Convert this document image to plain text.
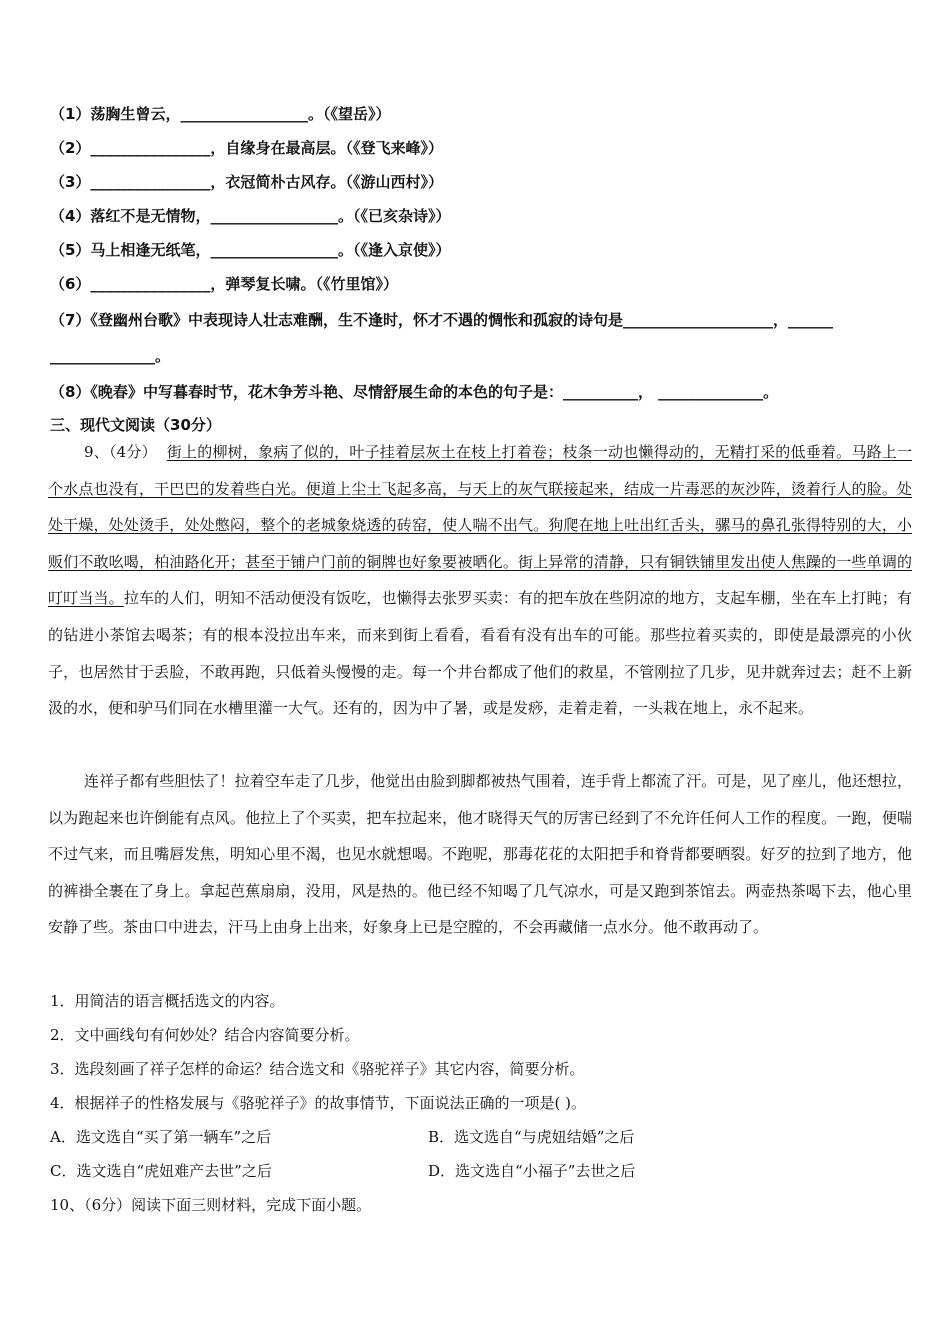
（1）荡胸生曾云，_________________。（《望岳》）
（2）________________，自缘身在最高层。（《登飞来峰》）
（3）________________，衣冠简朴古风存。（《游山西村》）
（4）落红不是无情物，_________________。（《已亥杂诗》）
（5）马上相逢无纸笔，_________________。（《逢入京使》）
（6）________________，弹琴复长啸。（《竹里馆》）
（7）《登幽州台歌》中表现诗人壮志难酬，生不逢时，怀才不遇的惆怅和孤寂的诗句是____________________，______
______________。
（8）《晚春》中写暮春时节，花木争芳斗艳、尽情舒展生命的本色的句子是：__________， ______________。
三、现代文阅读（30分）
9、（4分） 街上的柳树，象病了似的，叶子挂着层灰土在枝上打着卷；枝条一动也懒得动的，无精打采的低垂着。马路上一个水点也没有，干巴巴的发着些白光。便道上尘土飞起多高，与天上的灰气联接起来，结成一片毒恶的灰沙阵，烫着行人的脸。处处干燥，处处烫手，处处憋闷，整个的老城象烧透的砖窑，使人喘不出气。狗爬在地上吐出红舌头，骡马的鼻孔张得特别的大，小贩们不敢吆喝，柏油路化开；甚至于铺户门前的铜牌也好象要被晒化。街上异常的清静，只有铜铁铺里发出使人焦躁的一些单调的叮叮当当。拉车的人们，明知不活动便没有饭吃，也懒得去张罗买卖：有的把车放在些阴凉的地方，支起车棚，坐在车上打盹；有的钻进小茶馆去喝茶；有的根本没拉出车来，而来到街上看看，看看有没有出车的可能。那些拉着买卖的，即使是最漂亮的小伙子，也居然甘于丢脸，不敢再跑，只低着头慢慢的走。每一个井台都成了他们的救星，不管刚拉了几步，见井就奔过去；赶不上新汲的水，便和驴马们同在水槽里灌一大气。还有的，因为中了暑，或是发痧，走着走着，一头栽在地上，永不起来。
连祥子都有些胆怯了！拉着空车走了几步，他觉出由脸到脚都被热气围着，连手背上都流了汗。可是，见了座儿，他还想拉，以为跑起来也许倒能有点风。他拉上了个买卖，把车拉起来，他才晓得天气的厉害已经到了不允许任何人工作的程度。一跑，便喘不过气来，而且嘴唇发焦，明知心里不渴，也见水就想喝。不跑呢，那毒花花的太阳把手和脊背都要晒裂。好歹的拉到了地方，他的裤褂全裹在了身上。拿起芭蕉扇扇，没用，风是热的。他已经不知喝了几气凉水，可是又跑到茶馆去。两壶热茶喝下去，他心里安静了些。茶由口中进去，汗马上由身上出来，好象身上已是空膛的，不会再藏储一点水分。他不敢再动了。
1．用简洁的语言概括选文的内容。
2．文中画线句有何妙处？结合内容简要分析。
3．选段刻画了祥子怎样的命运？结合选文和《骆驼祥子》其它内容，简要分析。
4．根据祥子的性格发展与《骆驼祥子》的故事情节，下面说法正确的一项是( )。
A．选文选自“买了第一辆车”之后	B．选文选自“与虎妞结婚”之后
C．选文选自“虎妞难产去世”之后	D．选文选自“小福子”去世之后
10、（6分）阅读下面三则材料，完成下面小题。
